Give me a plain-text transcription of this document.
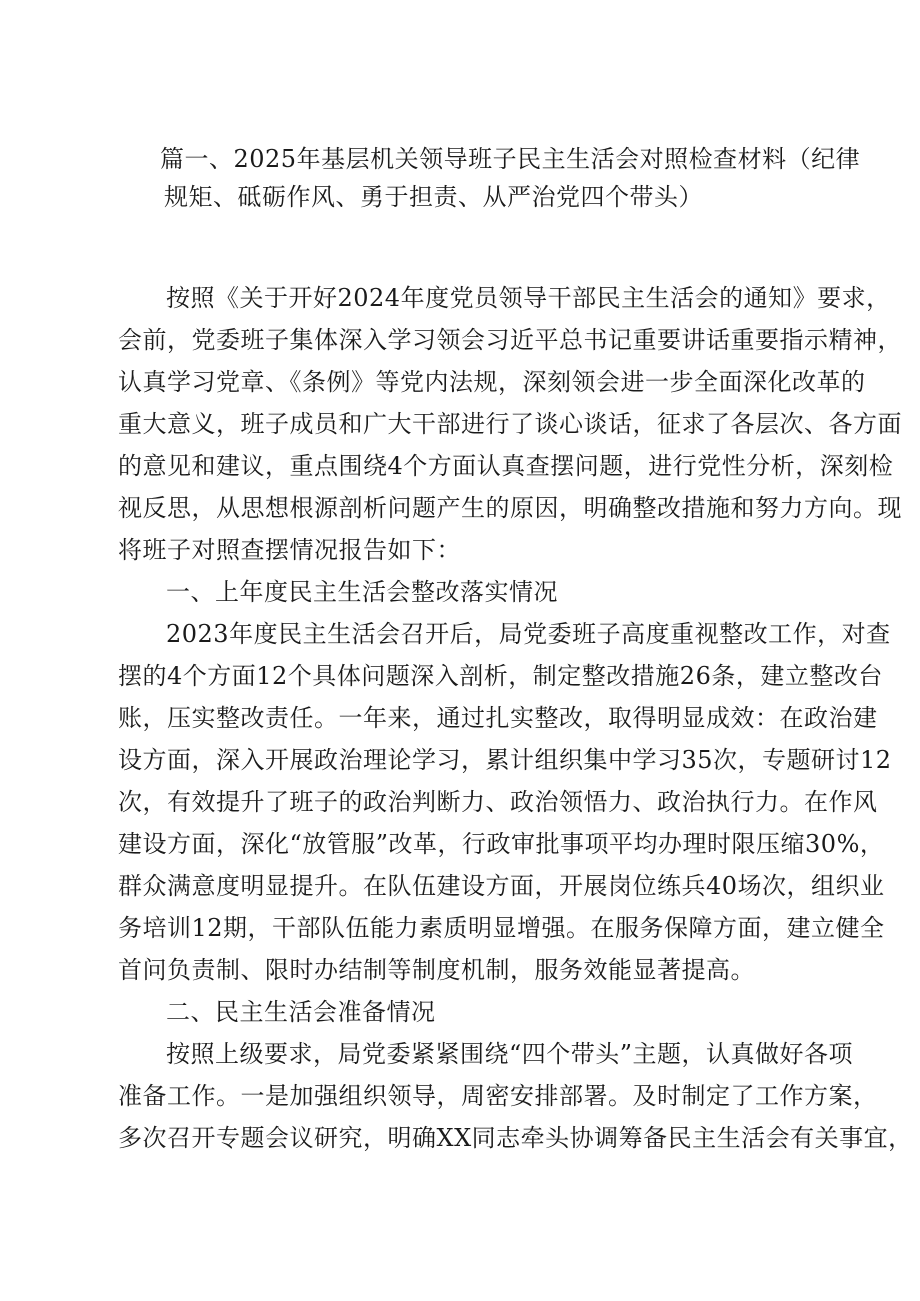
篇一、2025年基层机关领导班子民主生活会对照检查材料（纪律
规矩、砥砺作风、勇于担责、从严治党四个带头）

按照《关于开好2024年度党员领导干部民主生活会的通知》要求，
会前，党委班子集体深入学习领会习近平总书记重要讲话重要指示精神，
认真学习党章、《条例》等党内法规，深刻领会进一步全面深化改革的
重大意义，班子成员和广大干部进行了谈心谈话，征求了各层次、各方面
的意见和建议，重点围绕4个方面认真查摆问题，进行党性分析，深刻检
视反思，从思想根源剖析问题产生的原因，明确整改措施和努力方向。现
将班子对照查摆情况报告如下：

一、上年度民主生活会整改落实情况

2023年度民主生活会召开后，局党委班子高度重视整改工作，对查
摆的4个方面12个具体问题深入剖析，制定整改措施26条，建立整改台
账，压实整改责任。一年来，通过扎实整改，取得明显成效：在政治建
设方面，深入开展政治理论学习，累计组织集中学习35次，专题研讨12
次，有效提升了班子的政治判断力、政治领悟力、政治执行力。在作风
建设方面，深化“放管服”改革，行政审批事项平均办理时限压缩30%，
群众满意度明显提升。在队伍建设方面，开展岗位练兵40场次，组织业
务培训12期，干部队伍能力素质明显增强。在服务保障方面，建立健全
首问负责制、限时办结制等制度机制，服务效能显著提高。

二、民主生活会准备情况

按照上级要求，局党委紧紧围绕“四个带头”主题，认真做好各项
准备工作。一是加强组织领导，周密安排部署。及时制定了工作方案，
多次召开专题会议研究，明确XX同志牵头协调筹备民主生活会有关事宜，
